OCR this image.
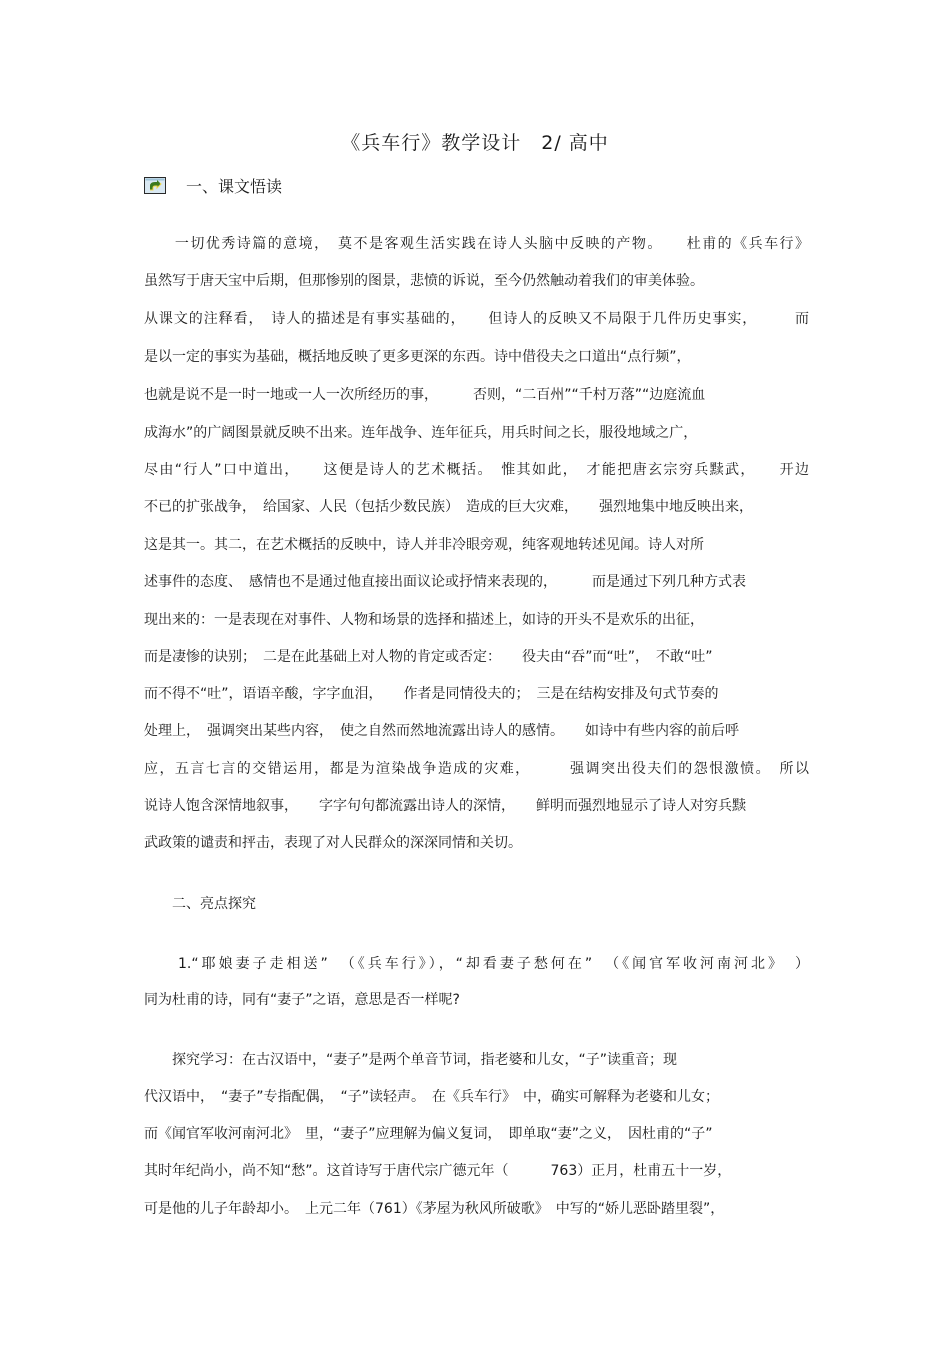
《兵车行》教学设计　2/ 高中
一、课文悟读
　　一切优秀诗篇的意境，　莫不是客观生活实践在诗人头脑中反映的产物。　　杜甫的《兵车行》
虽然写于唐天宝中后期，但那惨别的图景，悲愤的诉说，至今仍然触动着我们的审美体验。
从课文的注释看，　诗人的描述是有事实基础的，　　但诗人的反映又不局限于几件历史事实，　　　而
是以一定的事实为基础，概括地反映了更多更深的东西。诗中借役夫之口道出“点行频”，
也就是说不是一时一地或一人一次所经历的事，　　　否则，“二百州”“千村万落”“边庭流血
成海水”的广阔图景就反映不出来。连年战争、连年征兵，用兵时间之长，服役地域之广，
尽由“行人”口中道出，　　这便是诗人的艺术概括。　惟其如此，　才能把唐玄宗穷兵黩武，　　开边
不已的扩张战争，　给国家、人民（包括少数民族）　造成的巨大灾难，　　强烈地集中地反映出来，
这是其一。其二，在艺术概括的反映中，诗人并非冷眼旁观，纯客观地转述见闻。诗人对所
述事件的态度、　感情也不是通过他直接出面议论或抒情来表现的，　　　而是通过下列几种方式表
现出来的：一是表现在对事件、人物和场景的选择和描述上，如诗的开头不是欢乐的出征，
而是凄惨的诀别；　二是在此基础上对人物的肯定或否定：　　役夫由“吞”而“吐”，　不敢“吐”
而不得不“吐”，语语辛酸，字字血泪，　　作者是同情役夫的；　三是在结构安排及句式节奏的
处理上，　强调突出某些内容，　使之自然而然地流露出诗人的感情。　　如诗中有些内容的前后呼
应，五言七言的交错运用，都是为渲染战争造成的灾难，　　　强调突出役夫们的怨恨激愤。　所以
说诗人饱含深情地叙事，　　字字句句都流露出诗人的深情，　　鲜明而强烈地显示了诗人对穷兵黩
武政策的谴责和抨击，表现了对人民群众的深深同情和关切。
　　二、亮点探究
　　1.“耶娘妻子走相送”　（《兵车行》），“却看妻子愁何在”　（《闻官军收河南河北》　）
同为杜甫的诗，同有“妻子”之语，意思是否一样呢?
　　探究学习：在古汉语中，“妻子”是两个单音节词，指老婆和儿女，“子”读重音；现
代汉语中，　“妻子”专指配偶，　“子”读轻声。　在《兵车行》　中，确实可解释为老婆和儿女；
而《闻官军收河南河北》　里，“妻子”应理解为偏义复词，　即单取“妻”之义，　因杜甫的“子”
其时年纪尚小，尚不知“愁”。这首诗写于唐代宗广德元年（　　　763）正月，杜甫五十一岁，
可是他的儿子年龄却小。　上元二年（761）《茅屋为秋风所破歌》　中写的“娇儿恶卧踏里裂”，
